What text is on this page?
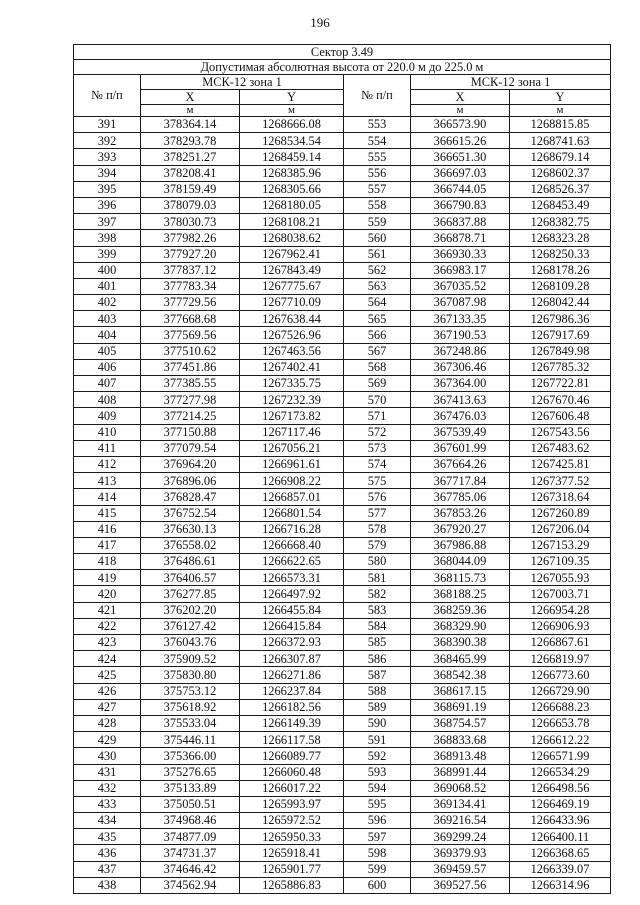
196
Сектор 3.49					
Допустимая абсолютная высота от 220.0 м до 225.0 м					
№ п/п	МСК-12 зона 1		№ п/п	МСК-12 зона 1	
	X	Y		X	Y
	м	м		м	м
391	378364.14	1268666.08	553	366573.90	1268815.85
392	378293.78	1268534.54	554	366615.26	1268741.63
393	378251.27	1268459.14	555	366651.30	1268679.14
394	378208.41	1268385.96	556	366697.03	1268602.37
395	378159.49	1268305.66	557	366744.05	1268526.37
396	378079.03	1268180.05	558	366790.83	1268453.49
397	378030.73	1268108.21	559	366837.88	1268382.75
398	377982.26	1268038.62	560	366878.71	1268323.28
399	377927.20	1267962.41	561	366930.33	1268250.33
400	377837.12	1267843.49	562	366983.17	1268178.26
401	377783.34	1267775.67	563	367035.52	1268109.28
402	377729.56	1267710.09	564	367087.98	1268042.44
403	377668.68	1267638.44	565	367133.35	1267986.36
404	377569.56	1267526.96	566	367190.53	1267917.69
405	377510.62	1267463.56	567	367248.86	1267849.98
406	377451.86	1267402.41	568	367306.46	1267785.32
407	377385.55	1267335.75	569	367364.00	1267722.81
408	377277.98	1267232.39	570	367413.63	1267670.46
409	377214.25	1267173.82	571	367476.03	1267606.48
410	377150.88	1267117.46	572	367539.49	1267543.56
411	377079.54	1267056.21	573	367601.99	1267483.62
412	376964.20	1266961.61	574	367664.26	1267425.81
413	376896.06	1266908.22	575	367717.84	1267377.52
414	376828.47	1266857.01	576	367785.06	1267318.64
415	376752.54	1266801.54	577	367853.26	1267260.89
416	376630.13	1266716.28	578	367920.27	1267206.04
417	376558.02	1266668.40	579	367986.88	1267153.29
418	376486.61	1266622.65	580	368044.09	1267109.35
419	376406.57	1266573.31	581	368115.73	1267055.93
420	376277.85	1266497.92	582	368188.25	1267003.71
421	376202.20	1266455.84	583	368259.36	1266954.28
422	376127.42	1266415.84	584	368329.90	1266906.93
423	376043.76	1266372.93	585	368390.38	1266867.61
424	375909.52	1266307.87	586	368465.99	1266819.97
425	375830.80	1266271.86	587	368542.38	1266773.60
426	375753.12	1266237.84	588	368617.15	1266729.90
427	375618.92	1266182.56	589	368691.19	1266688.23
428	375533.04	1266149.39	590	368754.57	1266653.78
429	375446.11	1266117.58	591	368833.68	1266612.22
430	375366.00	1266089.77	592	368913.48	1266571.99
431	375276.65	1266060.48	593	368991.44	1266534.29
432	375133.89	1266017.22	594	369068.52	1266498.56
433	375050.51	1265993.97	595	369134.41	1266469.19
434	374968.46	1265972.52	596	369216.54	1266433.96
435	374877.09	1265950.33	597	369299.24	1266400.11
436	374731.37	1265918.41	598	369379.93	1266368.65
437	374646.42	1265901.77	599	369459.57	1266339.07
438	374562.94	1265886.83	600	369527.56	1266314.96
